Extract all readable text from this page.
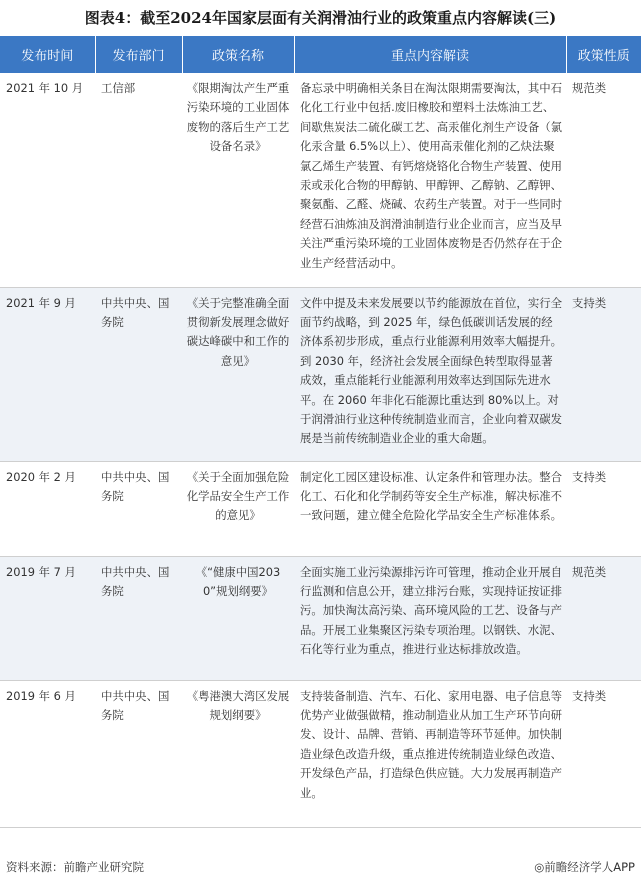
图表4：截至2024年国家层面有关润滑油行业的政策重点内容解读(三)
发布时间	发布部门	政策名称	重点内容解读	政策性质
2021 年 10 月	工信部	《限期淘汰产生严重污染环境的工业固体废物的落后生产工艺设备名录》	备忘录中明确相关条目在淘汰限期需要淘汰，其中石化化工行业中包括.废旧橡胶和塑料土法炼油工艺、间歇焦炭法二硫化碳工艺、高汞催化剂生产设备（氯化汞含量 6.5%以上）、使用高汞催化剂的乙炔法聚氯乙烯生产装置、有钙熔烧铬化合物生产装置、使用汞或汞化合物的甲醇钠、甲醇钾、乙醇钠、乙醇钾、聚氨酯、乙醛、烧碱、农药生产装置。对于一些同时经营石油炼油及润滑油制造行业企业而言，应当及早关注严重污染环境的工业固体废物是否仍然存在于企业生产经营活动中。	规范类
2021 年 9 月	中共中央、国务院	《关于完整准确全面贯彻新发展理念做好碳达峰碳中和工作的意见》	文件中提及未来发展要以节约能源放在首位，实行全面节约战略，到 2025 年，绿色低碳训话发展的经济体系初步形成，重点行业能源利用效率大幅提升。到 2030 年，经济社会发展全面绿色转型取得显著成效，重点能耗行业能源利用效率达到国际先进水平。在 2060 年非化石能源比重达到 80%以上。对于润滑油行业这种传统制造业而言，企业向着双碳发展是当前传统制造业企业的重大命题。	支持类
2020 年 2 月	中共中央、国务院	《关于全面加强危险化学品安全生产工作的意见》	制定化工园区建设标准、认定条件和管理办法。整合化工、石化和化学制药等安全生产标准，解决标准不一致问题，建立健全危险化学品安全生产标准体系。	支持类
2019 年 7 月	中共中央、国务院	《“健康中国2030”规划纲要》	全面实施工业污染源排污许可管理，推动企业开展自行监测和信息公开，建立排污台账，实现持证按证排污。加快淘汰高污染、高环境风险的工艺、设备与产品。开展工业集聚区污染专项治理。以钢铁、水泥、石化等行业为重点，推进行业达标排放改造。	规范类
2019 年 6 月	中共中央、国务院	《粤港澳大湾区发展规划纲要》	支持装备制造、汽车、石化、家用电器、电子信息等优势产业做强做精，推动制造业从加工生产环节向研发、设计、品牌、营销、再制造等环节延伸。加快制造业绿色改造升级，重点推进传统制造业绿色改造、开发绿色产品，打造绿色供应链。大力发展再制造产业。	支持类
资料来源：前瞻产业研究院	◎前瞻经济学人APP
